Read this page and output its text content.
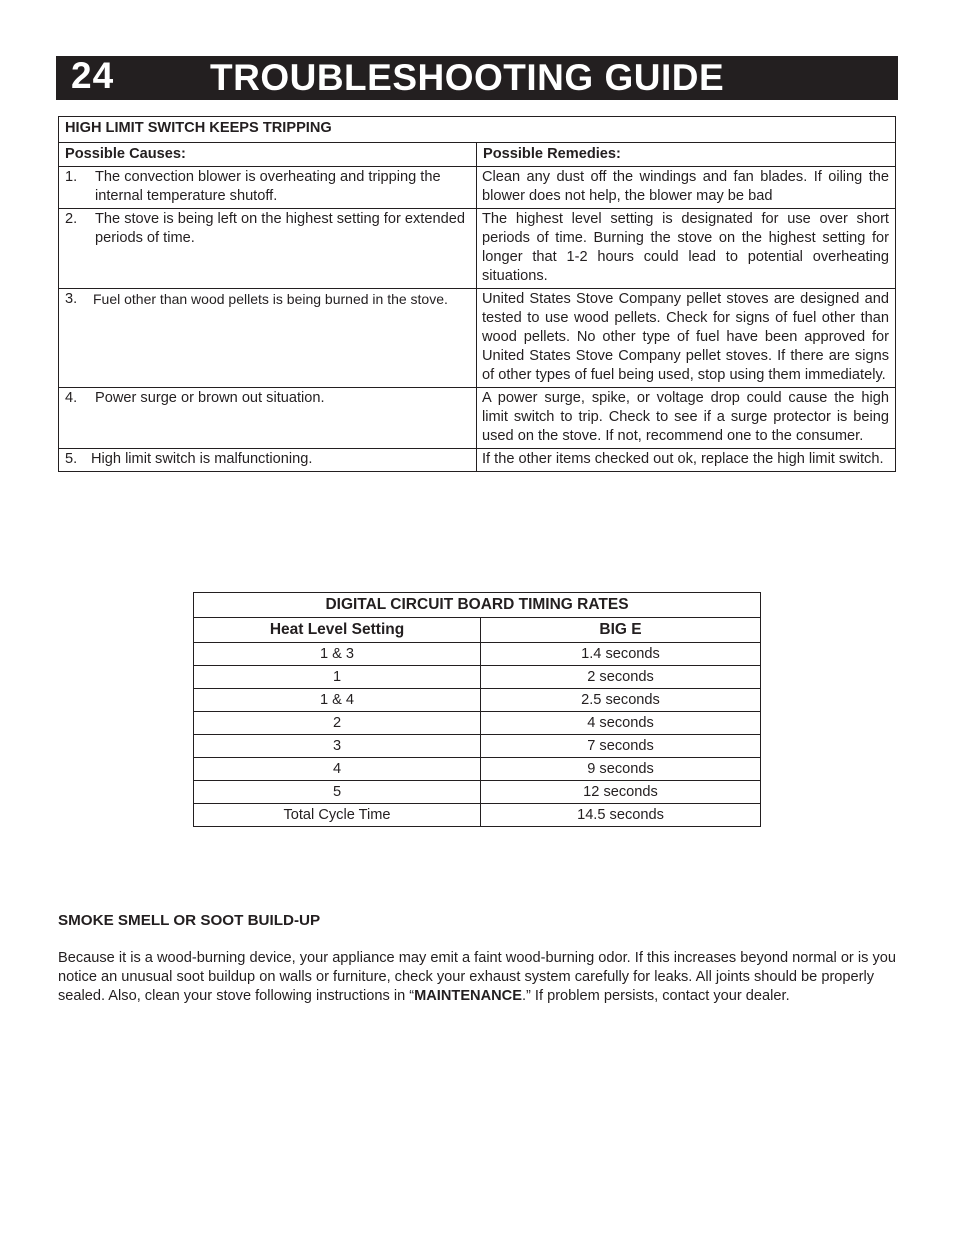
24	TROUBLESHOOTING GUIDE
HIGH LIMIT SWITCH KEEPS TRIPPING	
Possible Causes:	Possible Remedies:

1. The convection blower is overheating and tripping the internal temperature shutoff.	Clean any dust off the windings and fan blades. If oiling the blower does not help, the blower may be bad

2. The stove is being left on the highest setting for extended periods of time.	The highest level setting is designated for use over short periods of time. Burning the stove on the highest setting for longer that 1-2 hours could lead to potential overheating situations.

3. Fuel other than wood pellets is being burned in the stove.	United States Stove Company pellet stoves are designed and tested to use wood pellets. Check for signs of fuel other than wood pellets. No other type of fuel have been approved for United States Stove Company pellet stoves. If there are signs of other types of fuel being used, stop using them immediately.

4. Power surge or brown out situation.	A power surge, spike, or voltage drop could cause the high limit switch to trip. Check to see if a surge protector is being used on the stove. If not, recommend one to the consumer.

5. High limit switch is malfunctioning.	If the other items checked out ok, replace the high limit switch.
DIGITAL CIRCUIT BOARD TIMING RATES	
Heat Level Setting	BIG E
1 & 3	1.4 seconds
1	2 seconds
1 & 4	2.5 seconds
2	4 seconds
3	7 seconds
4	9 seconds
5	12 seconds
Total Cycle Time	14.5 seconds
SMOKE SMELL OR SOOT BUILD-UP

Because it is a wood-burning device, your appliance may emit a faint wood-burning odor. If this increases beyond normal or is you notice an unusual soot buildup on walls or furniture, check your exhaust system carefully for leaks. All joints should be properly sealed. Also, clean your stove following instructions in “MAINTENANCE.” If problem persists, contact your dealer.
